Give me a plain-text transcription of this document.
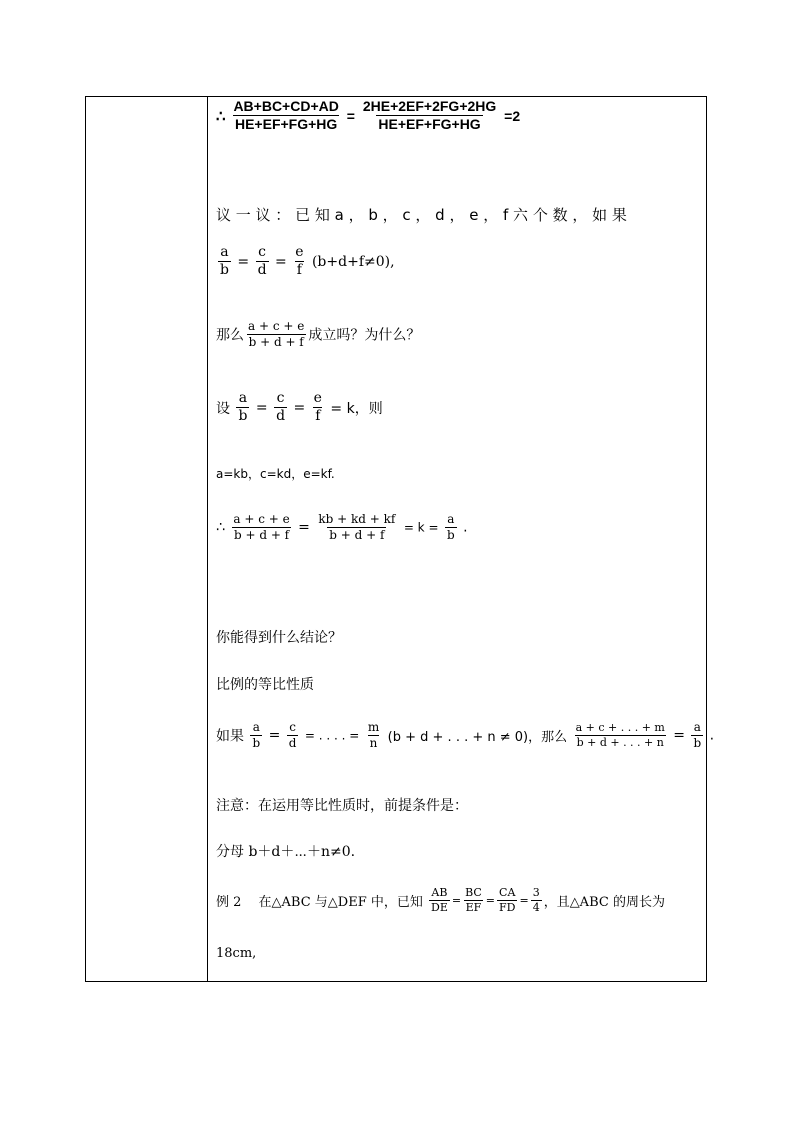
∴ $\frac{AB+BC+CD+AD}{HE+EF+FG+HG} = \frac{2HE+2EF+2FG+2HG}{HE+EF+FG+HG} =2$
议 一 议 ： 已 知 a ， b ， c ， d ， e ， f 六 个 数 ， 如 果
$\frac{a}{b} = \frac{c}{d} = \frac{e}{f} (b+d+f\ne 0)$,
那么 $\frac{a + c + e}{b + d + f}$ 成立吗？为什么？
设 $\frac{a}{b} = \frac{c}{d} = \frac{e}{f} = k$，则
a=kb，c=kd，e=kf.
∴ $\frac{a + c + e}{b + d + f} = \frac{kb + kd + kf}{b + d + f} = k = \frac{a}{b}$ .
你能得到什么结论？
比例的等比性质
如果 $\frac{a}{b} = \frac{c}{d}$ = . . . . = $\frac{m}{n} (b + d$ + . . . + n ≠ 0)，那么 $\frac{a + c + . . . + m}{b + d + . . . + n} = \frac{a}{b}$ .
注意：在运用等比性质时，前提条件是：
分母 b＋d＋⋯＋n≠0.
例 2　 在△ABC 与△DEF 中，已知 $\frac{AB}{DE} = \frac{BC}{EF} = \frac{CA}{FD} = \frac{3}{4}$ ，且△ABC 的周长为
18cm,
